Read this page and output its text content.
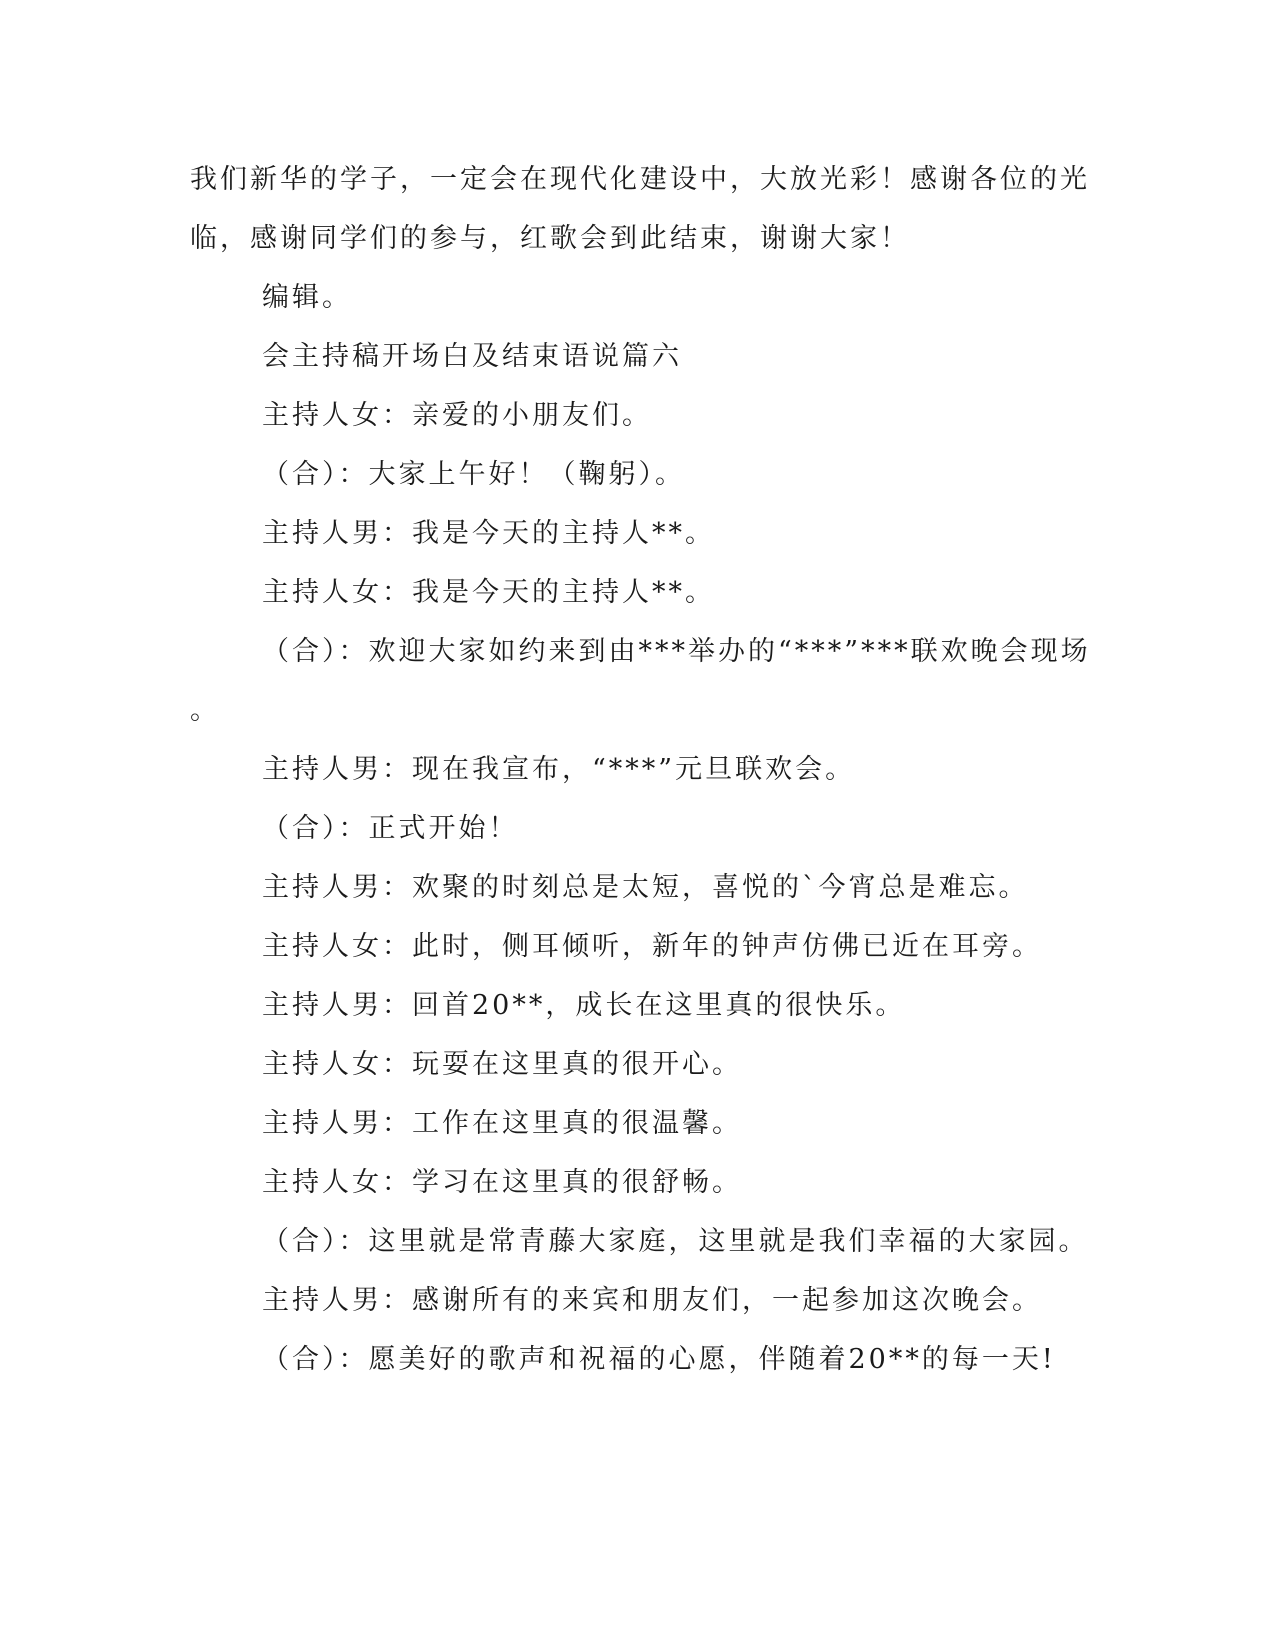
我们新华的学子，一定会在现代化建设中，大放光彩！感谢各位的光

临，感谢同学们的参与，红歌会到此结束，谢谢大家！

编辑。

会主持稿开场白及结束语说篇六

主持人女：亲爱的小朋友们。

（合）：大家上午好！（鞠躬）。

主持人男：我是今天的主持人**。

主持人女：我是今天的主持人**。

（合）：欢迎大家如约来到由***举办的“***”***联欢晚会现场

。

主持人男：现在我宣布，“***”元旦联欢会。

（合）：正式开始！

主持人男：欢聚的时刻总是太短，喜悦的`今宵总是难忘。

主持人女：此时，侧耳倾听，新年的钟声仿佛已近在耳旁。

主持人男：回首20**，成长在这里真的很快乐。

主持人女：玩耍在这里真的很开心。

主持人男：工作在这里真的很温馨。

主持人女：学习在这里真的很舒畅。

（合）：这里就是常青藤大家庭，这里就是我们幸福的大家园。

主持人男：感谢所有的来宾和朋友们，一起参加这次晚会。

（合）：愿美好的歌声和祝福的心愿，伴随着20**的每一天!
